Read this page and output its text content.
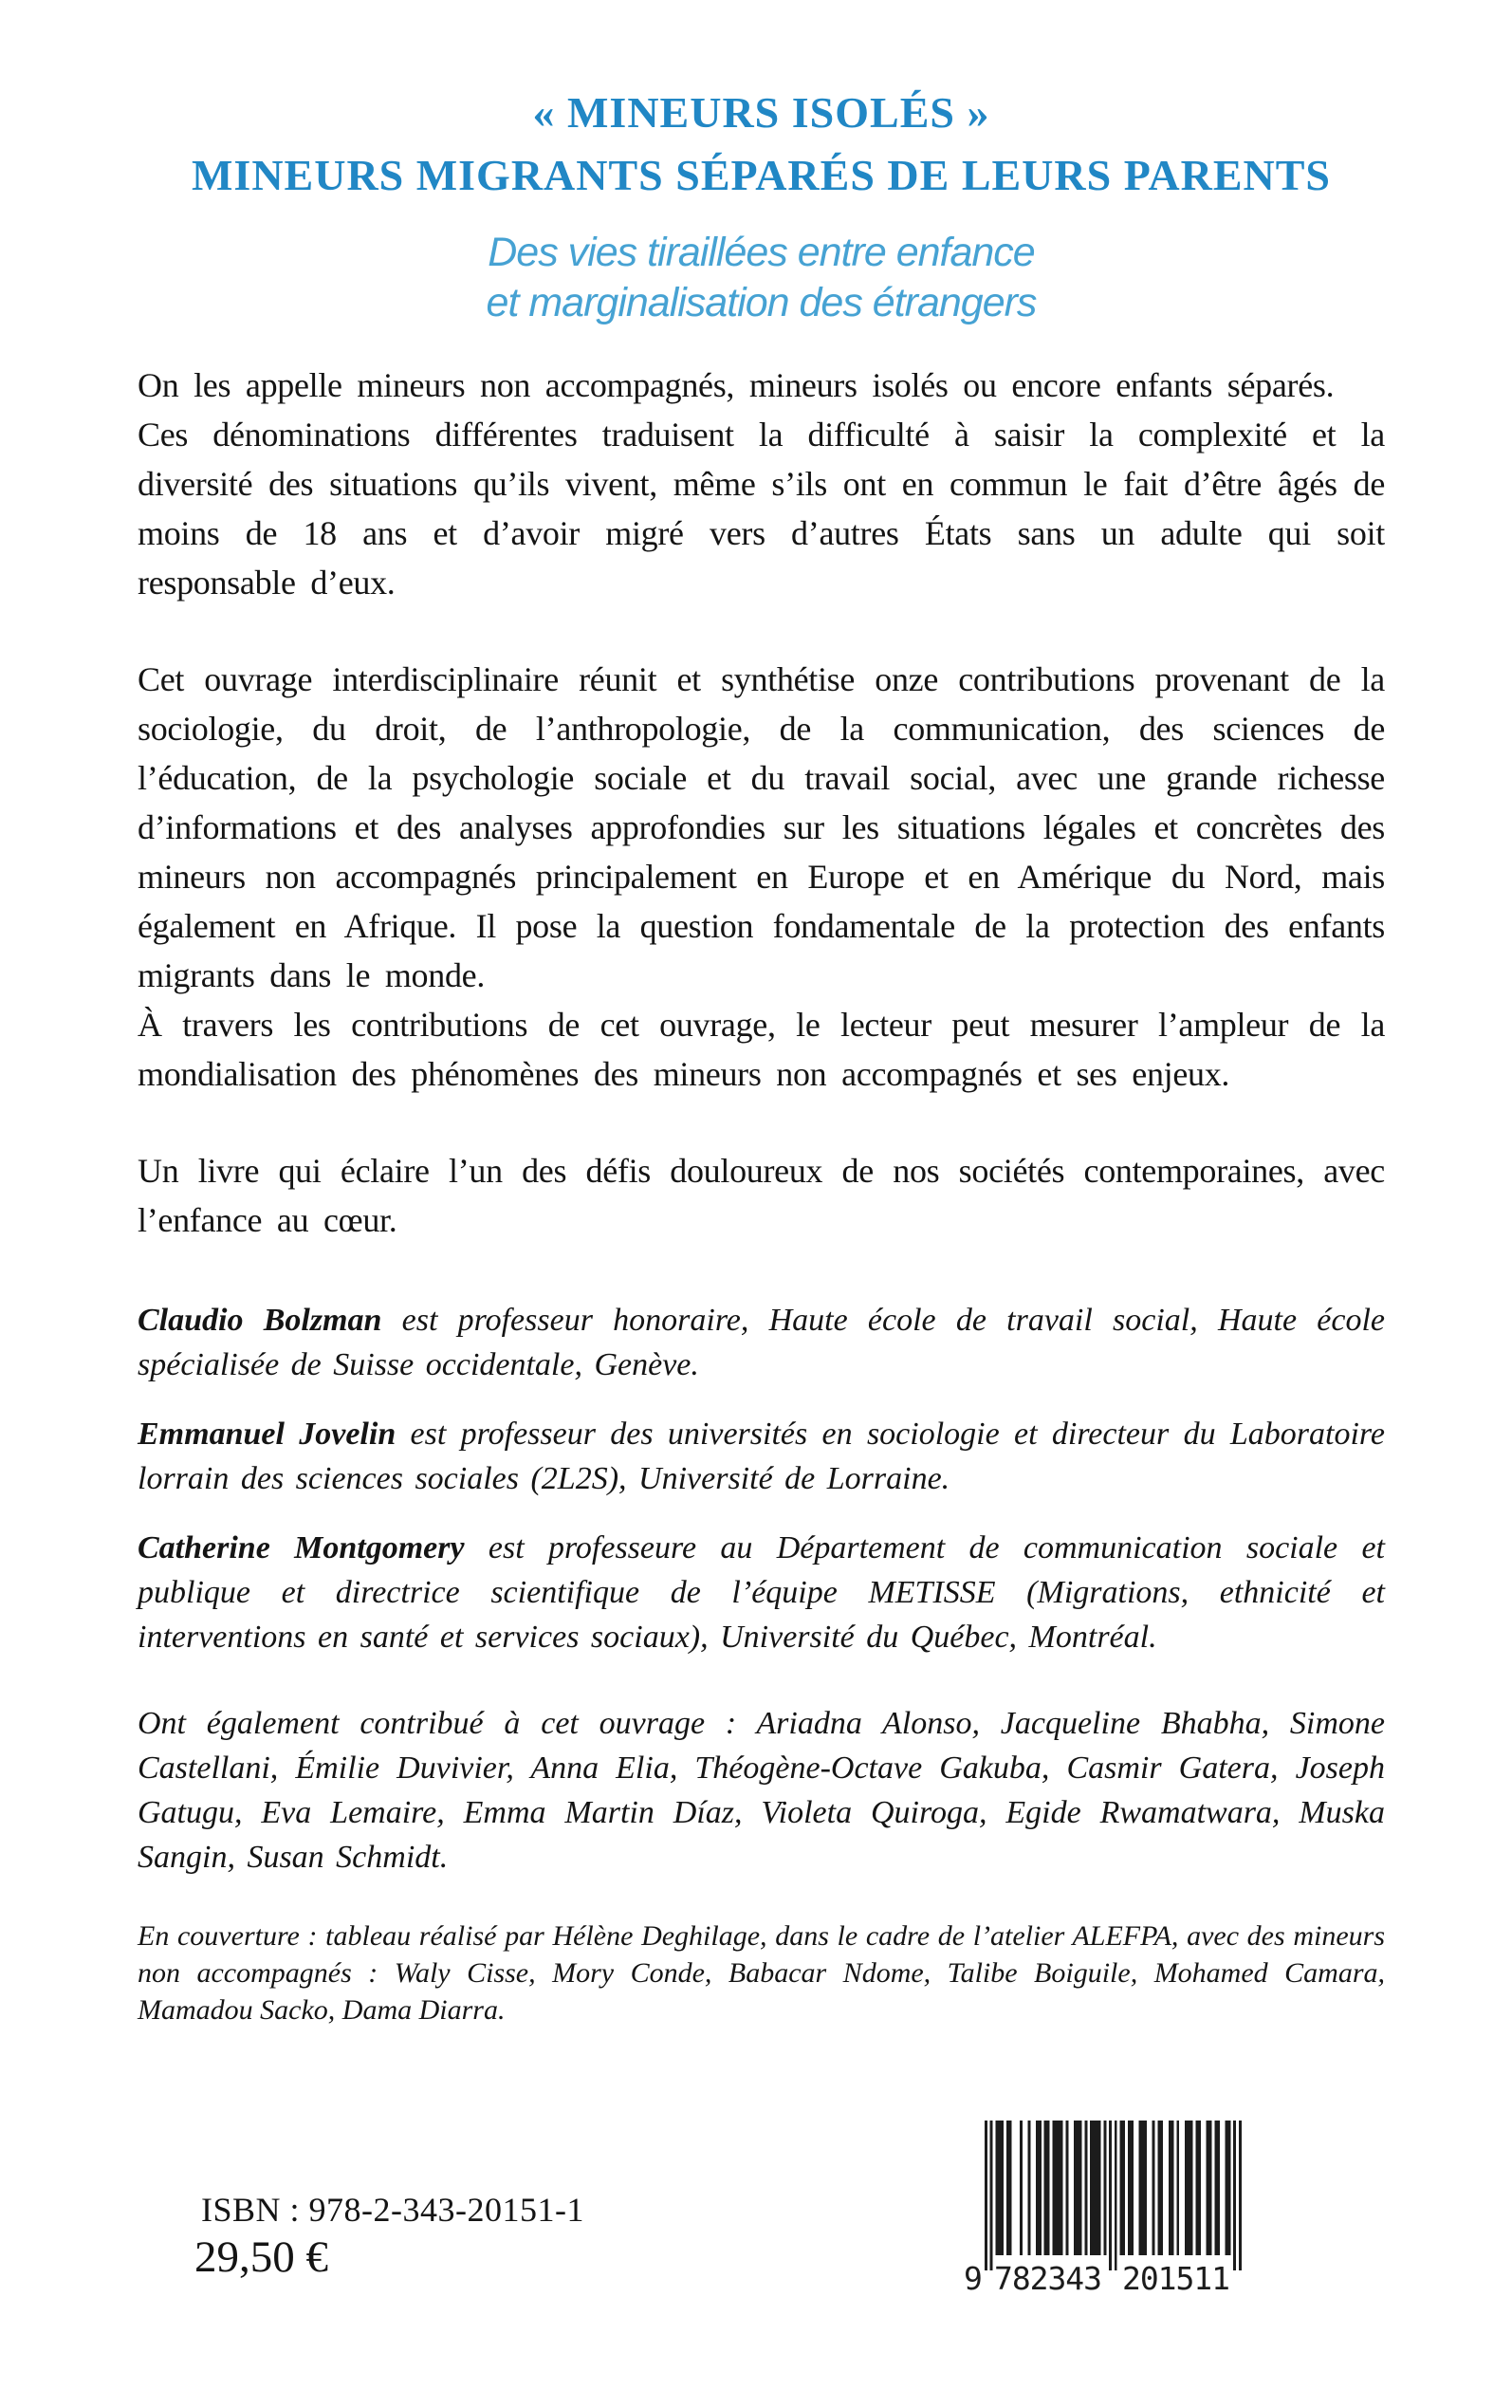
« MINEURS ISOLÉS »
MINEURS MIGRANTS SÉPARÉS DE LEURS PARENTS
Des vies tiraillées entre enfance
et marginalisation des étrangers

On les appelle mineurs non accompagnés, mineurs isolés ou encore enfants séparés.

Ces dénominations différentes traduisent la difficulté à saisir la complexité et la diversité des situations qu’ils vivent, même s’ils ont en commun le fait d’être âgés de moins de 18 ans et d’avoir migré vers d’autres États sans un adulte qui soit responsable d’eux.

Cet ouvrage interdisciplinaire réunit et synthétise onze contributions provenant de la sociologie, du droit, de l’anthropologie, de la communication, des sciences de l’éducation, de la psychologie sociale et du travail social, avec une grande richesse d’informations et des analyses approfondies sur les situations légales et concrètes des mineurs non accompagnés principalement en Europe et en Amérique du Nord, mais également en Afrique. Il pose la question fondamentale de la protection des enfants migrants dans le monde.

À travers les contributions de cet ouvrage, le lecteur peut mesurer l’ampleur de la mondialisation des phénomènes des mineurs non accompagnés et ses enjeux.

Un livre qui éclaire l’un des défis douloureux de nos sociétés contemporaines, avec l’enfance au cœur.

Claudio Bolzman est professeur honoraire, Haute école de travail social, Haute école spécialisée de Suisse occidentale, Genève.

Emmanuel Jovelin est professeur des universités en sociologie et directeur du Laboratoire lorrain des sciences sociales (2L2S), Université de Lorraine.

Catherine Montgomery est professeure au Département de communication sociale et publique et directrice scientifique de l’équipe METISSE (Migrations, ethnicité et interventions en santé et services sociaux), Université du Québec, Montréal.

Ont également contribué à cet ouvrage : Ariadna Alonso, Jacqueline Bhabha, Simone Castellani, Émilie Duvivier, Anna Elia, Théogène-Octave Gakuba, Casmir Gatera, Joseph Gatugu, Eva Lemaire, Emma Martin Díaz, Violeta Quiroga, Egide Rwamatwara, Muska Sangin, Susan Schmidt.

En couverture : tableau réalisé par Hélène Deghilage, dans le cadre de l’atelier ALEFPA, avec des mineurs non accompagnés : Waly Cisse, Mory Conde, Babacar Ndome, Talibe Boiguile, Mohamed Camara, Mamadou Sacko, Dama Diarra.

ISBN : 978-2-343-20151-1
29,50 €	9 782343 201511
